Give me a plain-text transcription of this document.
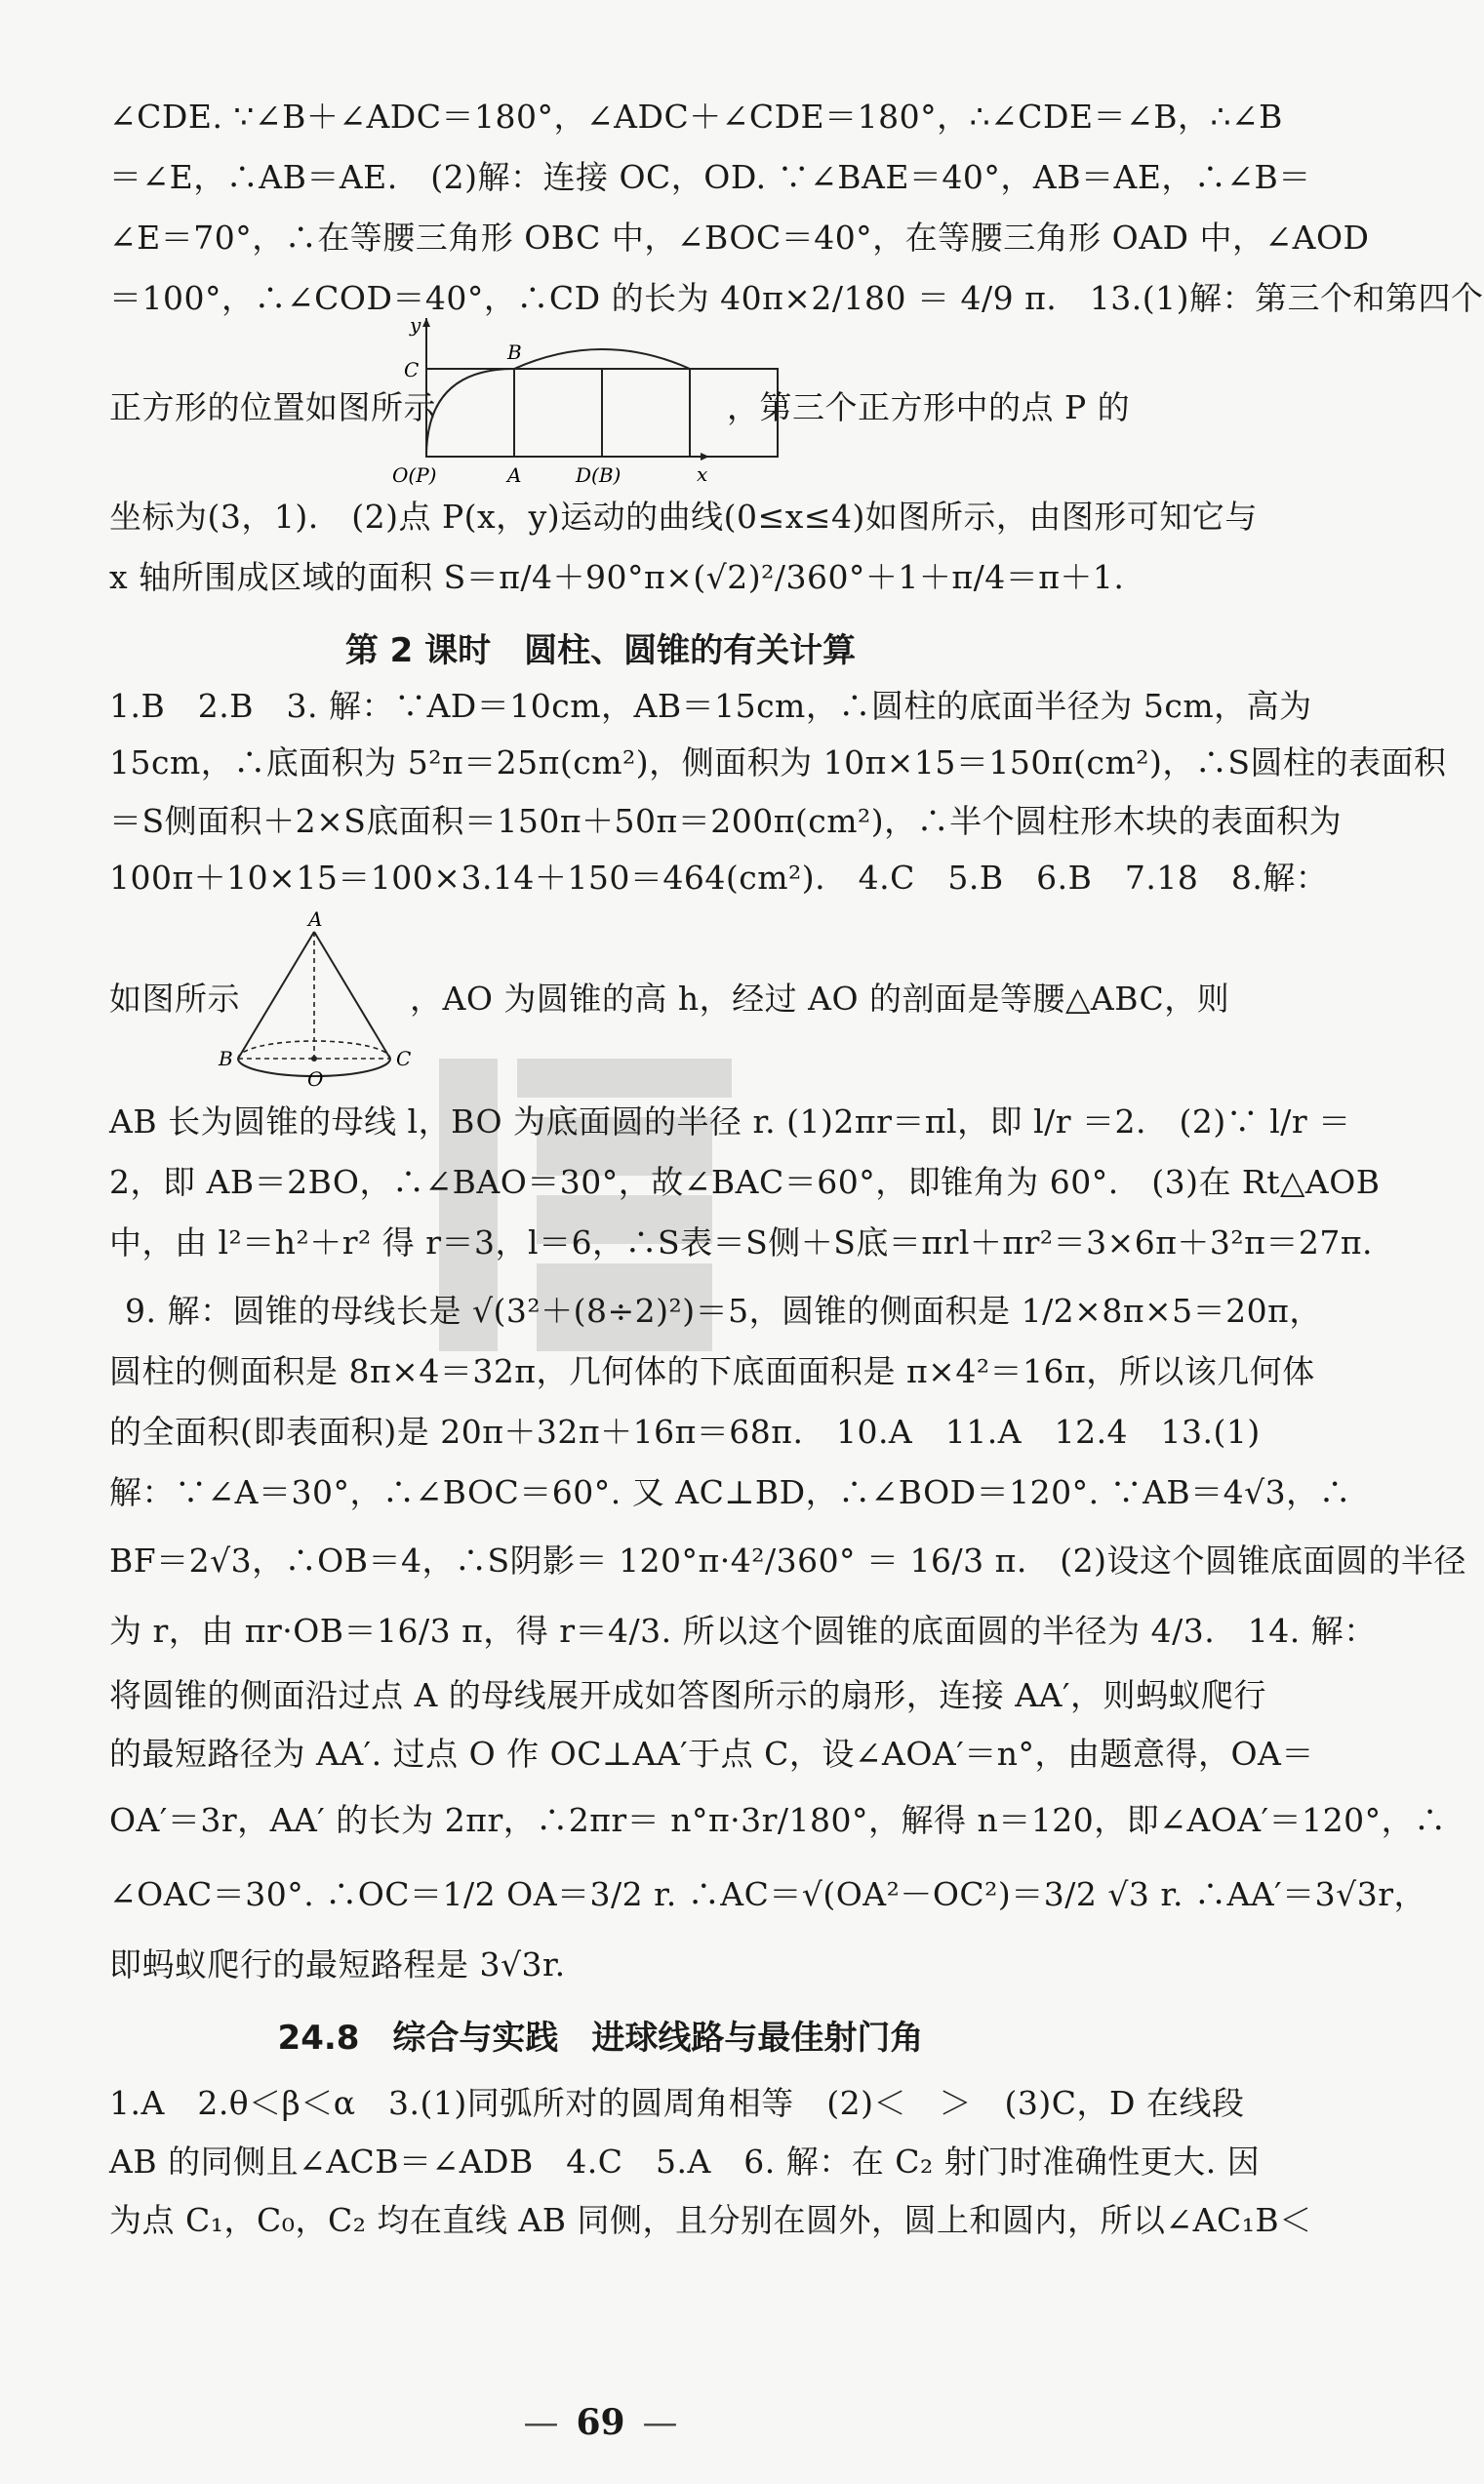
∠CDE. ∵∠B＋∠ADC＝180°，∠ADC＋∠CDE＝180°，∴∠CDE＝∠B，∴∠B
＝∠E，∴AB＝AE.　(2)解：连接 OC，OD. ∵∠BAE＝40°，AB＝AE，∴∠B＝
∠E＝70°，∴在等腰三角形 OBC 中，∠BOC＝40°，在等腰三角形 OAD 中，∠AOD
＝100°，∴∠COD＝40°，∴CD 的长为 40π×2/180 ＝ 4/9 π.　13.(1)解：第三个和第四个
正方形的位置如图所示
y
x
C
B
O(P)	A	D(B)
，第三个正方形中的点 P 的
坐标为(3，1).　(2)点 P(x，y)运动的曲线(0≤x≤4)如图所示，由图形可知它与
x 轴所围成区域的面积 S＝π/4＋90°π×(√2)²/360°＋1＋π/4＝π＋1.
第 2 课时　圆柱、圆锥的有关计算
1.B　2.B　3. 解：∵AD＝10cm，AB＝15cm，∴圆柱的底面半径为 5cm，高为
15cm，∴底面积为 5²π＝25π(cm²)，侧面积为 10π×15＝150π(cm²)，∴S圆柱的表面积
＝S侧面积＋2×S底面积＝150π＋50π＝200π(cm²)，∴半个圆柱形木块的表面积为
100π＋10×15＝100×3.14＋150＝464(cm²).　4.C　5.B　6.B　7.18　8.解：
如图所示
A
B
O
C
，AO 为圆锥的高 h，经过 AO 的剖面是等腰△ABC，则
AB 长为圆锥的母线 l，BO 为底面圆的半径 r. (1)2πr＝πl，即 l/r ＝2.　(2)∵ l/r ＝
2，即 AB＝2BO，∴∠BAO＝30°，故∠BAC＝60°，即锥角为 60°.　(3)在 Rt△AOB
中，由 l²＝h²＋r² 得 r＝3，l＝6，∴S表＝S侧＋S底＝πrl＋πr²＝3×6π＋3²π＝27π.
9. 解：圆锥的母线长是 √(3²＋(8÷2)²)＝5，圆锥的侧面积是 1/2×8π×5＝20π，
圆柱的侧面积是 8π×4＝32π，几何体的下底面面积是 π×4²＝16π，所以该几何体
的全面积(即表面积)是 20π＋32π＋16π＝68π.　10.A　11.A　12.4　13.(1)
解：∵∠A＝30°，∴∠BOC＝60°. 又 AC⊥BD，∴∠BOD＝120°. ∵AB＝4√3，∴
BF＝2√3，∴OB＝4，∴S阴影＝ 120°π·4²/360° ＝ 16/3 π.　(2)设这个圆锥底面圆的半径
为 r，由 πr·OB＝16/3 π，得 r＝4/3. 所以这个圆锥的底面圆的半径为 4/3.　14. 解：
将圆锥的侧面沿过点 A 的母线展开成如答图所示的扇形，连接 AA′，则蚂蚁爬行
的最短路径为 AA′. 过点 O 作 OC⊥AA′于点 C，设∠AOA′＝n°，由题意得，OA＝
OA′＝3r，AA′ 的长为 2πr，∴2πr＝ n°π·3r/180°，解得 n＝120，即∠AOA′＝120°，∴
∠OAC＝30°. ∴OC＝1/2 OA＝3/2 r. ∴AC＝√(OA²－OC²)＝3/2 √3 r. ∴AA′＝3√3r，
即蚂蚁爬行的最短路程是 3√3r.
24.8　综合与实践　进球线路与最佳射门角
1.A　2.θ＜β＜α　3.(1)同弧所对的圆周角相等　(2)＜　＞　(3)C，D 在线段
AB 的同侧且∠ACB＝∠ADB　4.C　5.A　6. 解：在 C₂ 射门时准确性更大. 因
为点 C₁，C₀，C₂ 均在直线 AB 同侧，且分别在圆外，圆上和圆内，所以∠AC₁B＜
— 69 —
